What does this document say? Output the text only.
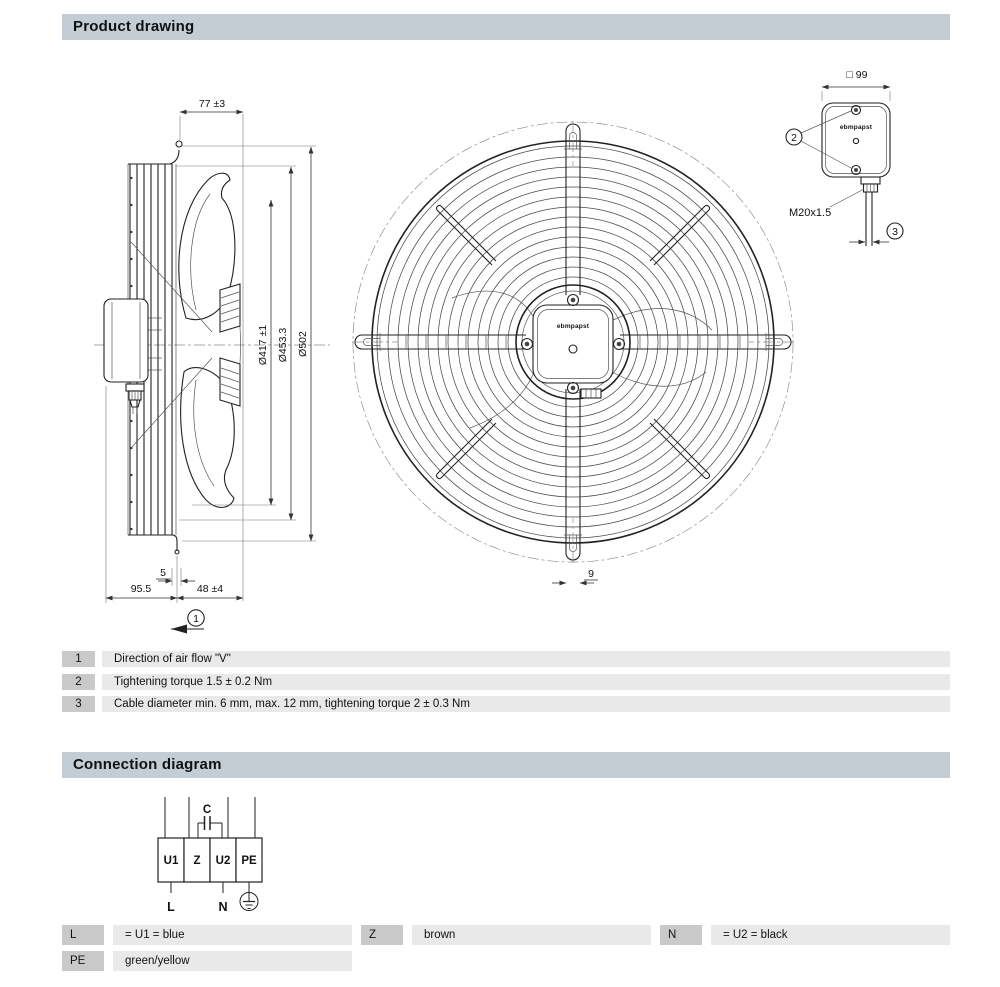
Product drawing
77 ±3
Ø417 ±1 Ø453.3 Ø502
5
95.5	48 ±4
1
ebmpapst
9
□ 99
ebmpapst
2
M20x1.5
3
1	Direction of air flow "V"
2	Tightening torque 1.5 ± 0.2 Nm
3	Cable diameter min. 6 mm, max. 12 mm, tightening torque 2 ± 0.3 Nm
Connection diagram
C
U1 Z U2 PE
L	N
L	= U1 = blue	Z	brown	N	= U2 = black
PE	green/yellow
